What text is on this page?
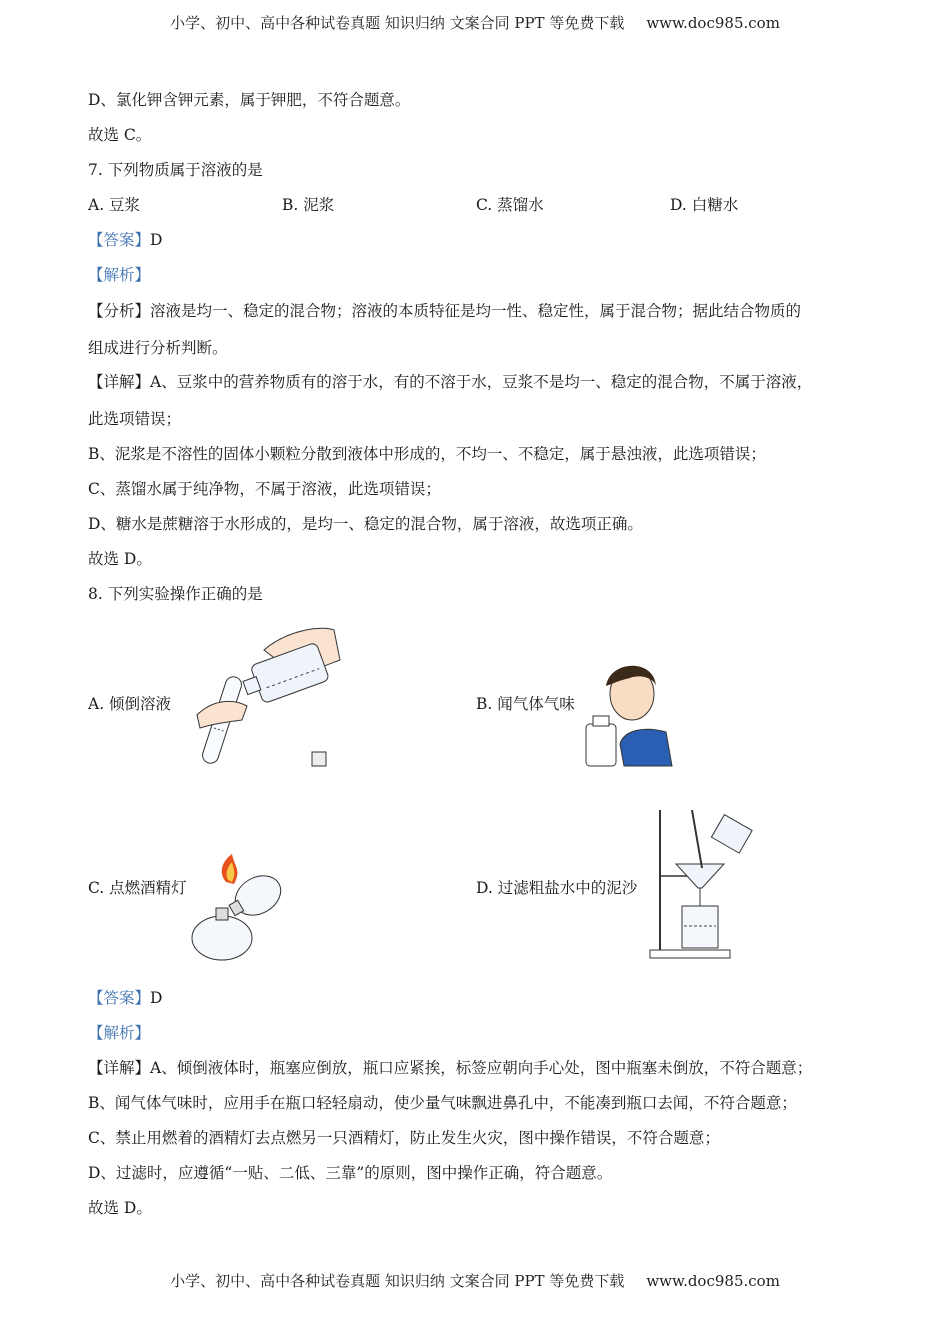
小学、初中、高中各种试卷真题 知识归纳 文案合同 PPT 等免费下载 www.doc985.com
D、氯化钾含钾元素，属于钾肥，不符合题意。
故选 C。
7. 下列物质属于溶液的是
A. 豆浆	B. 泥浆	C. 蒸馏水	D. 白糖水
【答案】D
【解析】
【分析】溶液是均一、稳定的混合物；溶液的本质特征是均一性、稳定性，属于混合物；据此结合物质的
组成进行分析判断。
【详解】A、豆浆中的营养物质有的溶于水，有的不溶于水，豆浆不是均一、稳定的混合物，不属于溶液，
此选项错误；
B、泥浆是不溶性的固体小颗粒分散到液体中形成的，不均一、不稳定，属于悬浊液，此选项错误；
C、蒸馏水属于纯净物，不属于溶液，此选项错误；
D、糖水是蔗糖溶于水形成的，是均一、稳定的混合物，属于溶液，故选项正确。
故选 D。
8. 下列实验操作正确的是
A. 倾倒溶液	B. 闻气体气味
C. 点燃酒精灯	D. 过滤粗盐水中的泥沙
【答案】D
【解析】
【详解】A、倾倒液体时，瓶塞应倒放，瓶口应紧挨，标签应朝向手心处，图中瓶塞未倒放，不符合题意；
B、闻气体气味时，应用手在瓶口轻轻扇动，使少量气味飘进鼻孔中，不能凑到瓶口去闻，不符合题意；
C、禁止用燃着的酒精灯去点燃另一只酒精灯，防止发生火灾，图中操作错误，不符合题意；
D、过滤时，应遵循“一贴、二低、三靠”的原则，图中操作正确，符合题意。
故选 D。
小学、初中、高中各种试卷真题 知识归纳 文案合同 PPT 等免费下载 www.doc985.com
